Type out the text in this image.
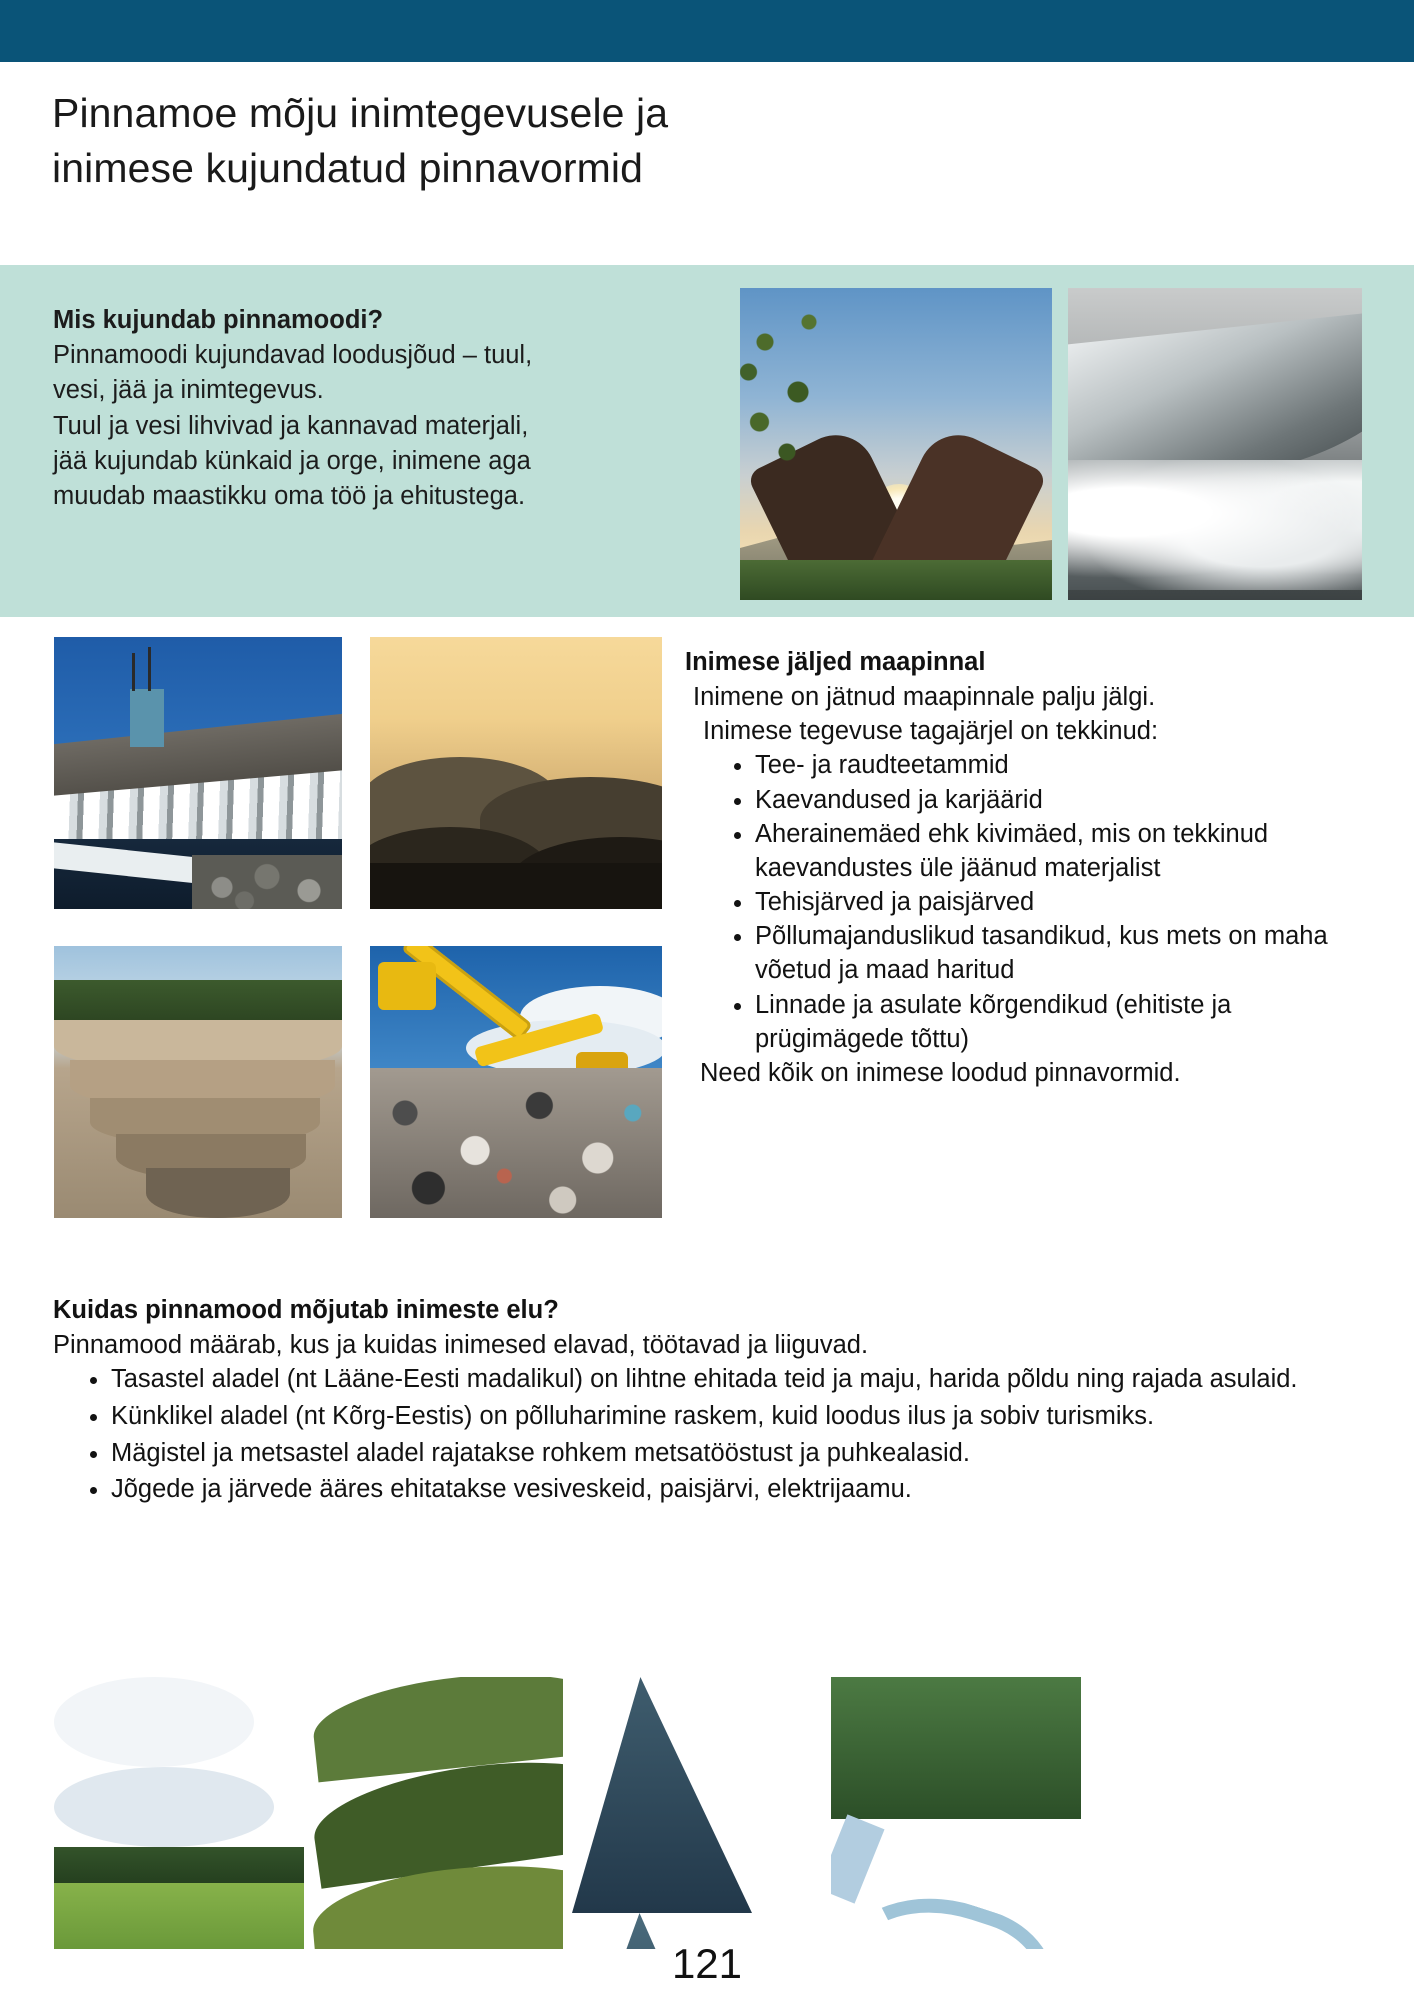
Pinnamoe mõju inimtegevusele ja
inimese kujundatud pinnavormid
Mis kujundab pinnamoodi?
Pinnamoodi kujundavad loodusjõud – tuul,
vesi, jää ja inimtegevus.
Tuul ja vesi lihvivad ja kannavad materjali,
jää kujundab künkaid ja orge, inimene aga
muudab maastikku oma töö ja ehitustega.
Inimese jäljed maapinnal
Inimene on jätnud maapinnale palju jälgi.
Inimese tegevuse tagajärjel on tekkinud:
• Tee- ja raudteetammid
• Kaevandused ja karjäärid
• Aherainemäed ehk kivimäed, mis on tekkinud kaevandustes üle jäänud materjalist
• Tehisjärved ja paisjärved
• Põllumajanduslikud tasandikud, kus mets on maha võetud ja maad haritud
• Linnade ja asulate kõrgendikud (ehitiste ja prügimägede tõttu)
Need kõik on inimese loodud pinnavormid.
Kuidas pinnamood mõjutab inimeste elu?
Pinnamood määrab, kus ja kuidas inimesed elavad, töötavad ja liiguvad.
• Tasastel aladel (nt Lääne-Eesti madalikul) on lihtne ehitada teid ja maju, harida põldu ning rajada asulaid.
• Künklikel aladel (nt Kõrg-Eestis) on põlluharimine raskem, kuid loodus ilus ja sobiv turismiks.
• Mägistel ja metsastel aladel rajatakse rohkem metsatööstust ja puhkealasid.
• Jõgede ja järvede ääres ehitatakse vesiveskeid, paisjärvi, elektrijaamu.
121
